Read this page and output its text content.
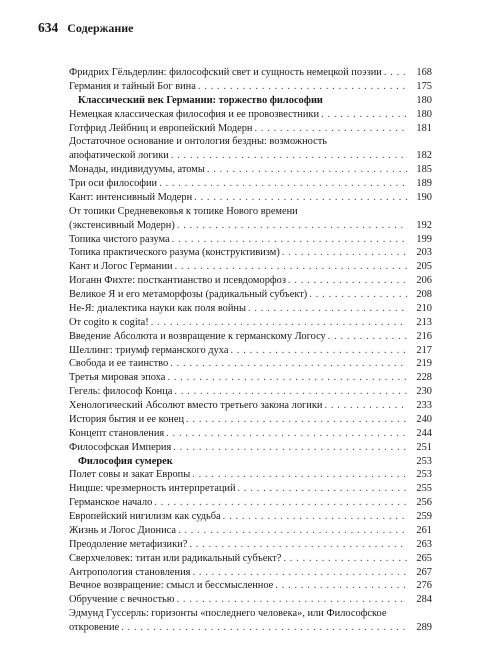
634 Содержание
Фридрих Гёльдерлин: философский свет и сущность немецкой поэзии . . .	168
Германия и тайный Бог вина . . .	175
Классический век Германии: торжество философии	180
Немецкая классическая философия и ее провозвестники . . .	180
Готфрид Лейбниц и европейский Модерн . . .	181
Достаточное основание и онтология бездны: возможность
апофатической логики . . .	182
Монады, индивидуумы, атомы . . .	185
Три оси философии . . .	189
Кант: интенсивный Модерн . . .	190
От топики Средневековья к топике Нового времени
(экстенсивный Модерн) . . .	192
Топика чистого разума . . .	199
Топика практического разума (конструктивизм) . . .	203
Кант и Логос Германии . . .	205
Иоганн Фихте: посткантианство и псевдоморфоз . . .	206
Великое Я и его метаморфозы (радикальный субъект) . . .	208
Не-Я: диалектика науки как поля войны . . .	210
От cogito к cogita! . . .	213
Введение Абсолюта и возвращение к германскому Логосу . . .	216
Шеллинг: триумф германского духа . . .	217
Свобода и ее таинство . . .	219
Третья мировая эпоха . . .	228
Гегель: философ Конца . . .	230
Хенологический Абсолют вместо третьего закона логики . . .	233
История бытия и ее конец . . .	240
Концепт становления . . .	244
Философская Империя . . .	251
Философия сумерек	253
Полет совы и закат Европы . . .	253
Ницше: чрезмерность интерпретаций . . .	255
Германское начало . . .	256
Европейский нигилизм как судьба . . .	259
Жизнь и Логос Диониса . . .	261
Преодоление метафизики? . . .	263
Сверхчеловек: титан или радикальный субъект? . . .	265
Антропология становления . . .	267
Вечное возвращение: смысл и бессмысленное . . .	276
Обручение с вечностью . . .	284
Эдмунд Гуссерль: горизонты «последнего человека», или Философское
откровение . . .	289
